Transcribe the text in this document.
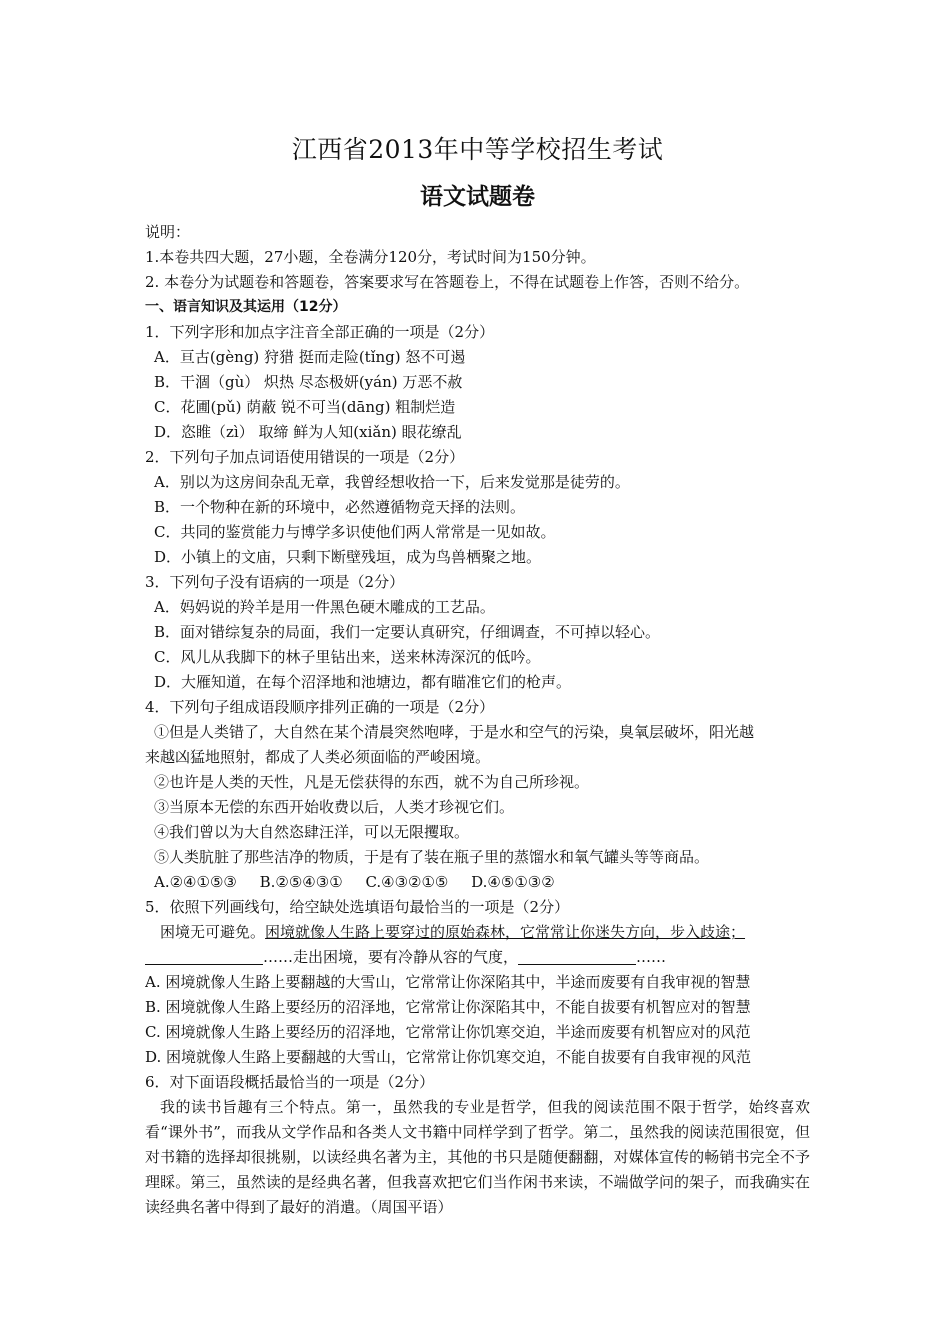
江西省2013年中等学校招生考试
语文试题卷
说明：
1.本卷共四大题，27小题，全卷满分120分，考试时间为150分钟。
2. 本卷分为试题卷和答题卷，答案要求写在答题卷上，不得在试题卷上作答，否则不给分。
一、语言知识及其运用（12分）
1．下列字形和加点字注音全部正确的一项是（2分）
A．亘古(gèng) 狩猎 挺而走险(tǐng) 怒不可遏
B．干涸（gù） 炽热 尽态极妍(yán) 万恶不赦
C．花圃(pǔ) 荫蔽 锐不可当(dāng) 粗制烂造
D．恣睢（zì） 取缔 鲜为人知(xiǎn) 眼花缭乱
2．下列句子加点词语使用错误的一项是（2分）
A．别以为这房间杂乱无章，我曾经想收拾一下，后来发觉那是徒劳的。
B．一个物种在新的环境中，必然遵循物竞天择的法则。
C．共同的鉴赏能力与博学多识使他们两人常常是一见如故。
D．小镇上的文庙，只剩下断壁残垣，成为鸟兽栖聚之地。
3．下列句子没有语病的一项是（2分）
A．妈妈说的羚羊是用一件黑色硬木雕成的工艺品。
B．面对错综复杂的局面，我们一定要认真研究，仔细调查，不可掉以轻心。
C．风儿从我脚下的林子里钻出来，送来林涛深沉的低吟。
D．大雁知道，在每个沼泽地和池塘边，都有瞄准它们的枪声。
4．下列句子组成语段顺序排列正确的一项是（2分）
①但是人类错了，大自然在某个清晨突然咆哮，于是水和空气的污染，臭氧层破坏，阳光越
来越凶猛地照射，都成了人类必须面临的严峻困境。
②也许是人类的天性，凡是无偿获得的东西，就不为自己所珍视。
③当原本无偿的东西开始收费以后，人类才珍视它们。
④我们曾以为大自然恣肆汪洋，可以无限攫取。
⑤人类肮脏了那些洁净的物质，于是有了装在瓶子里的蒸馏水和氧气罐头等等商品。
A.②④①⑤③ B.②⑤④③① C.④③②①⑤ D.④⑤①③②
5．依照下列画线句，给空缺处选填语句最恰当的一项是（2分）
困境无可避免。困境就像人生路上要穿过的原始森林，它常常让你迷失方向，步入歧途；
……走出困境，要有冷静从容的气度，	……
A. 困境就像人生路上要翻越的大雪山，它常常让你深陷其中，半途而废要有自我审视的智慧
B. 困境就像人生路上要经历的沼泽地，它常常让你深陷其中，不能自拔要有机智应对的智慧
C. 困境就像人生路上要经历的沼泽地，它常常让你饥寒交迫，半途而废要有机智应对的风范
D. 困境就像人生路上要翻越的大雪山，它常常让你饥寒交迫，不能自拔要有自我审视的风范
6．对下面语段概括最恰当的一项是（2分）
我的读书旨趣有三个特点。第一，虽然我的专业是哲学，但我的阅读范围不限于哲学，始终喜欢看“课外书”，而我从文学作品和各类人文书籍中同样学到了哲学。第二，虽然我的阅读范围很宽，但对书籍的选择却很挑剔，以读经典名著为主，其他的书只是随便翻翻，对媒体宣传的畅销书完全不予理睬。第三，虽然读的是经典名著，但我喜欢把它们当作闲书来读，不端做学问的架子，而我确实在读经典名著中得到了最好的消遣。（周国平语）
